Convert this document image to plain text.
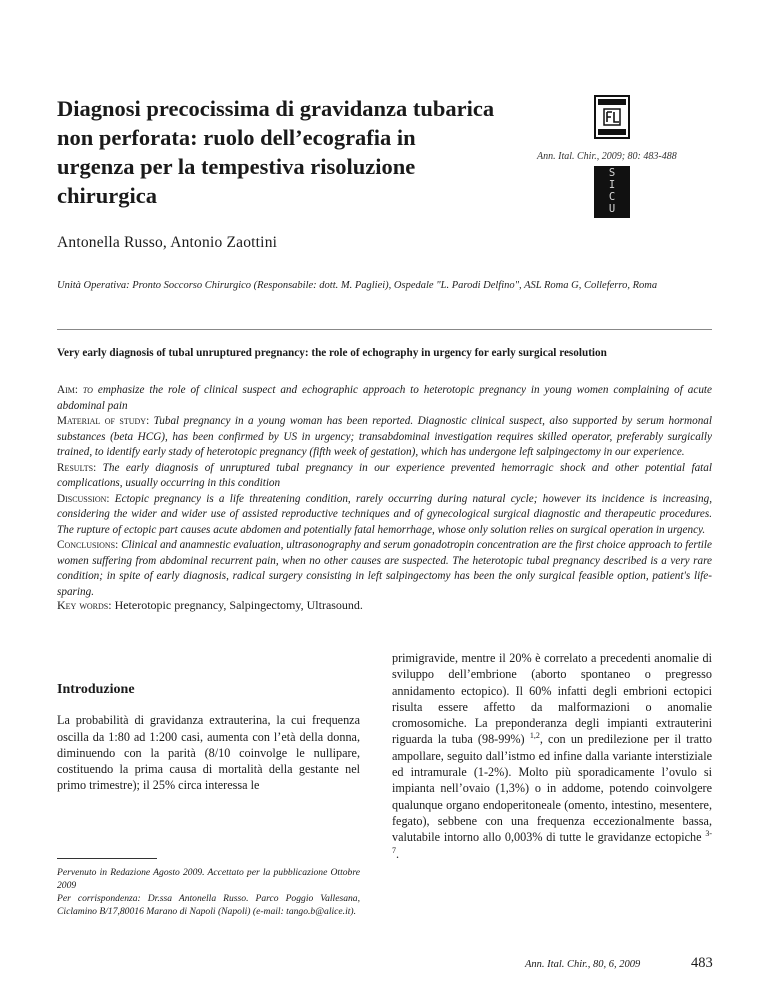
Diagnosi precocissima di gravidanza tubarica non perforata: ruolo dell’ecografia in urgenza per la tempestiva risoluzione chirurgica
Ann. Ital. Chir., 2009; 80: 483-488
S
I
C
U
Antonella Russo, Antonio Zaottini
Unità Operativa: Pronto Soccorso Chirurgico (Responsabile: dott. M. Pagliei), Ospedale "L. Parodi Delfino", ASL Roma G, Colleferro, Roma
Very early diagnosis of tubal unruptured pregnancy: the role of echography in urgency for early surgical resolution

Aim: to emphasize the role of clinical suspect and echographic approach to heterotopic pregnancy in young women complaining of acute abdominal pain

Material of study: Tubal pregnancy in a young woman has been reported. Diagnostic clinical suspect, also supported by serum hormonal substances (beta HCG), has been confirmed by US in urgency; transabdominal investigation requires skilled operator, preferably surgically trained, to identify early stady of heterotopic pregnancy (fifth week of gestation), which has undergone left salpingectomy in our experience.

Results: The early diagnosis of unruptured tubal pregnancy in our experience prevented hemorragic shock and other potential fatal complications, usually occurring in this condition

Discussion: Ectopic pregnancy is a life threatening condition, rarely occurring during natural cycle; however its incidence is increasing, considering the wider and wider use of assisted reproductive techniques and of gynecological surgical diagnostic and therapeutic procedures. The rupture of ectopic part causes acute abdomen and potentially fatal hemorrhage, whose only solution relies on surgical operation in urgency.

Conclusions: Clinical and anamnestic evaluation, ultrasonography and serum gonadotropin concentration are the first choice approach to fertile women suffering from abdominal recurrent pain, when no other causes are suspected. The heterotopic tubal pregnancy described is a very rare condition; in spite of early diagnosis, radical surgery consisting in left salpingectomy has been the only surgical feasible option, patient's life-sparing.

Key words: Heterotopic pregnancy, Salpingectomy, Ultrasound.
Introduzione

La probabilità di gravidanza extrauterina, la cui frequenza oscilla da 1:80 ad 1:200 casi, aumenta con l’età della donna, diminuendo con la parità (8/10 coinvolge le nullipare, costituendo la prima causa di mortalità della gestante nel primo trimestre); il 25% circa interessa le

primigravide, mentre il 20% è correlato a precedenti anomalie di sviluppo dell’embrione (aborto spontaneo o pregresso annidamento ectopico). Il 60% infatti degli embrioni ectopici risulta essere affetto da malformazioni o anomalie cromosomiche. La preponderanza degli impianti extrauterini riguarda la tuba (98-99%) $^{1,2}$, con un predilezione per il tratto ampollare, seguito dall’istmo ed infine dalla variante interstiziale ed intramurale (1-2%). Molto più sporadicamente l’ovulo si impianta nell’ovaio (1,3%) o in addome, potendo coinvolgere qualunque organo endoperitoneale (omento, intestino, mesentere, fegato), sebbene con una frequenza eccezionalmente bassa, valutabile intorno allo 0,003% di tutte le gravidanze ectopiche $^{3-7}$.

Pervenuto in Redazione Agosto 2009. Accettato per la pubblicazione Ottobre 2009

Per corrispondenza: Dr.ssa Antonella Russo. Parco Poggio Vallesana, Ciclamino B/17,80016 Marano di Napoli (Napoli) (e-mail: tango.b@alice.it).

Ann. Ital. Chir., 80, 6, 2009	483
